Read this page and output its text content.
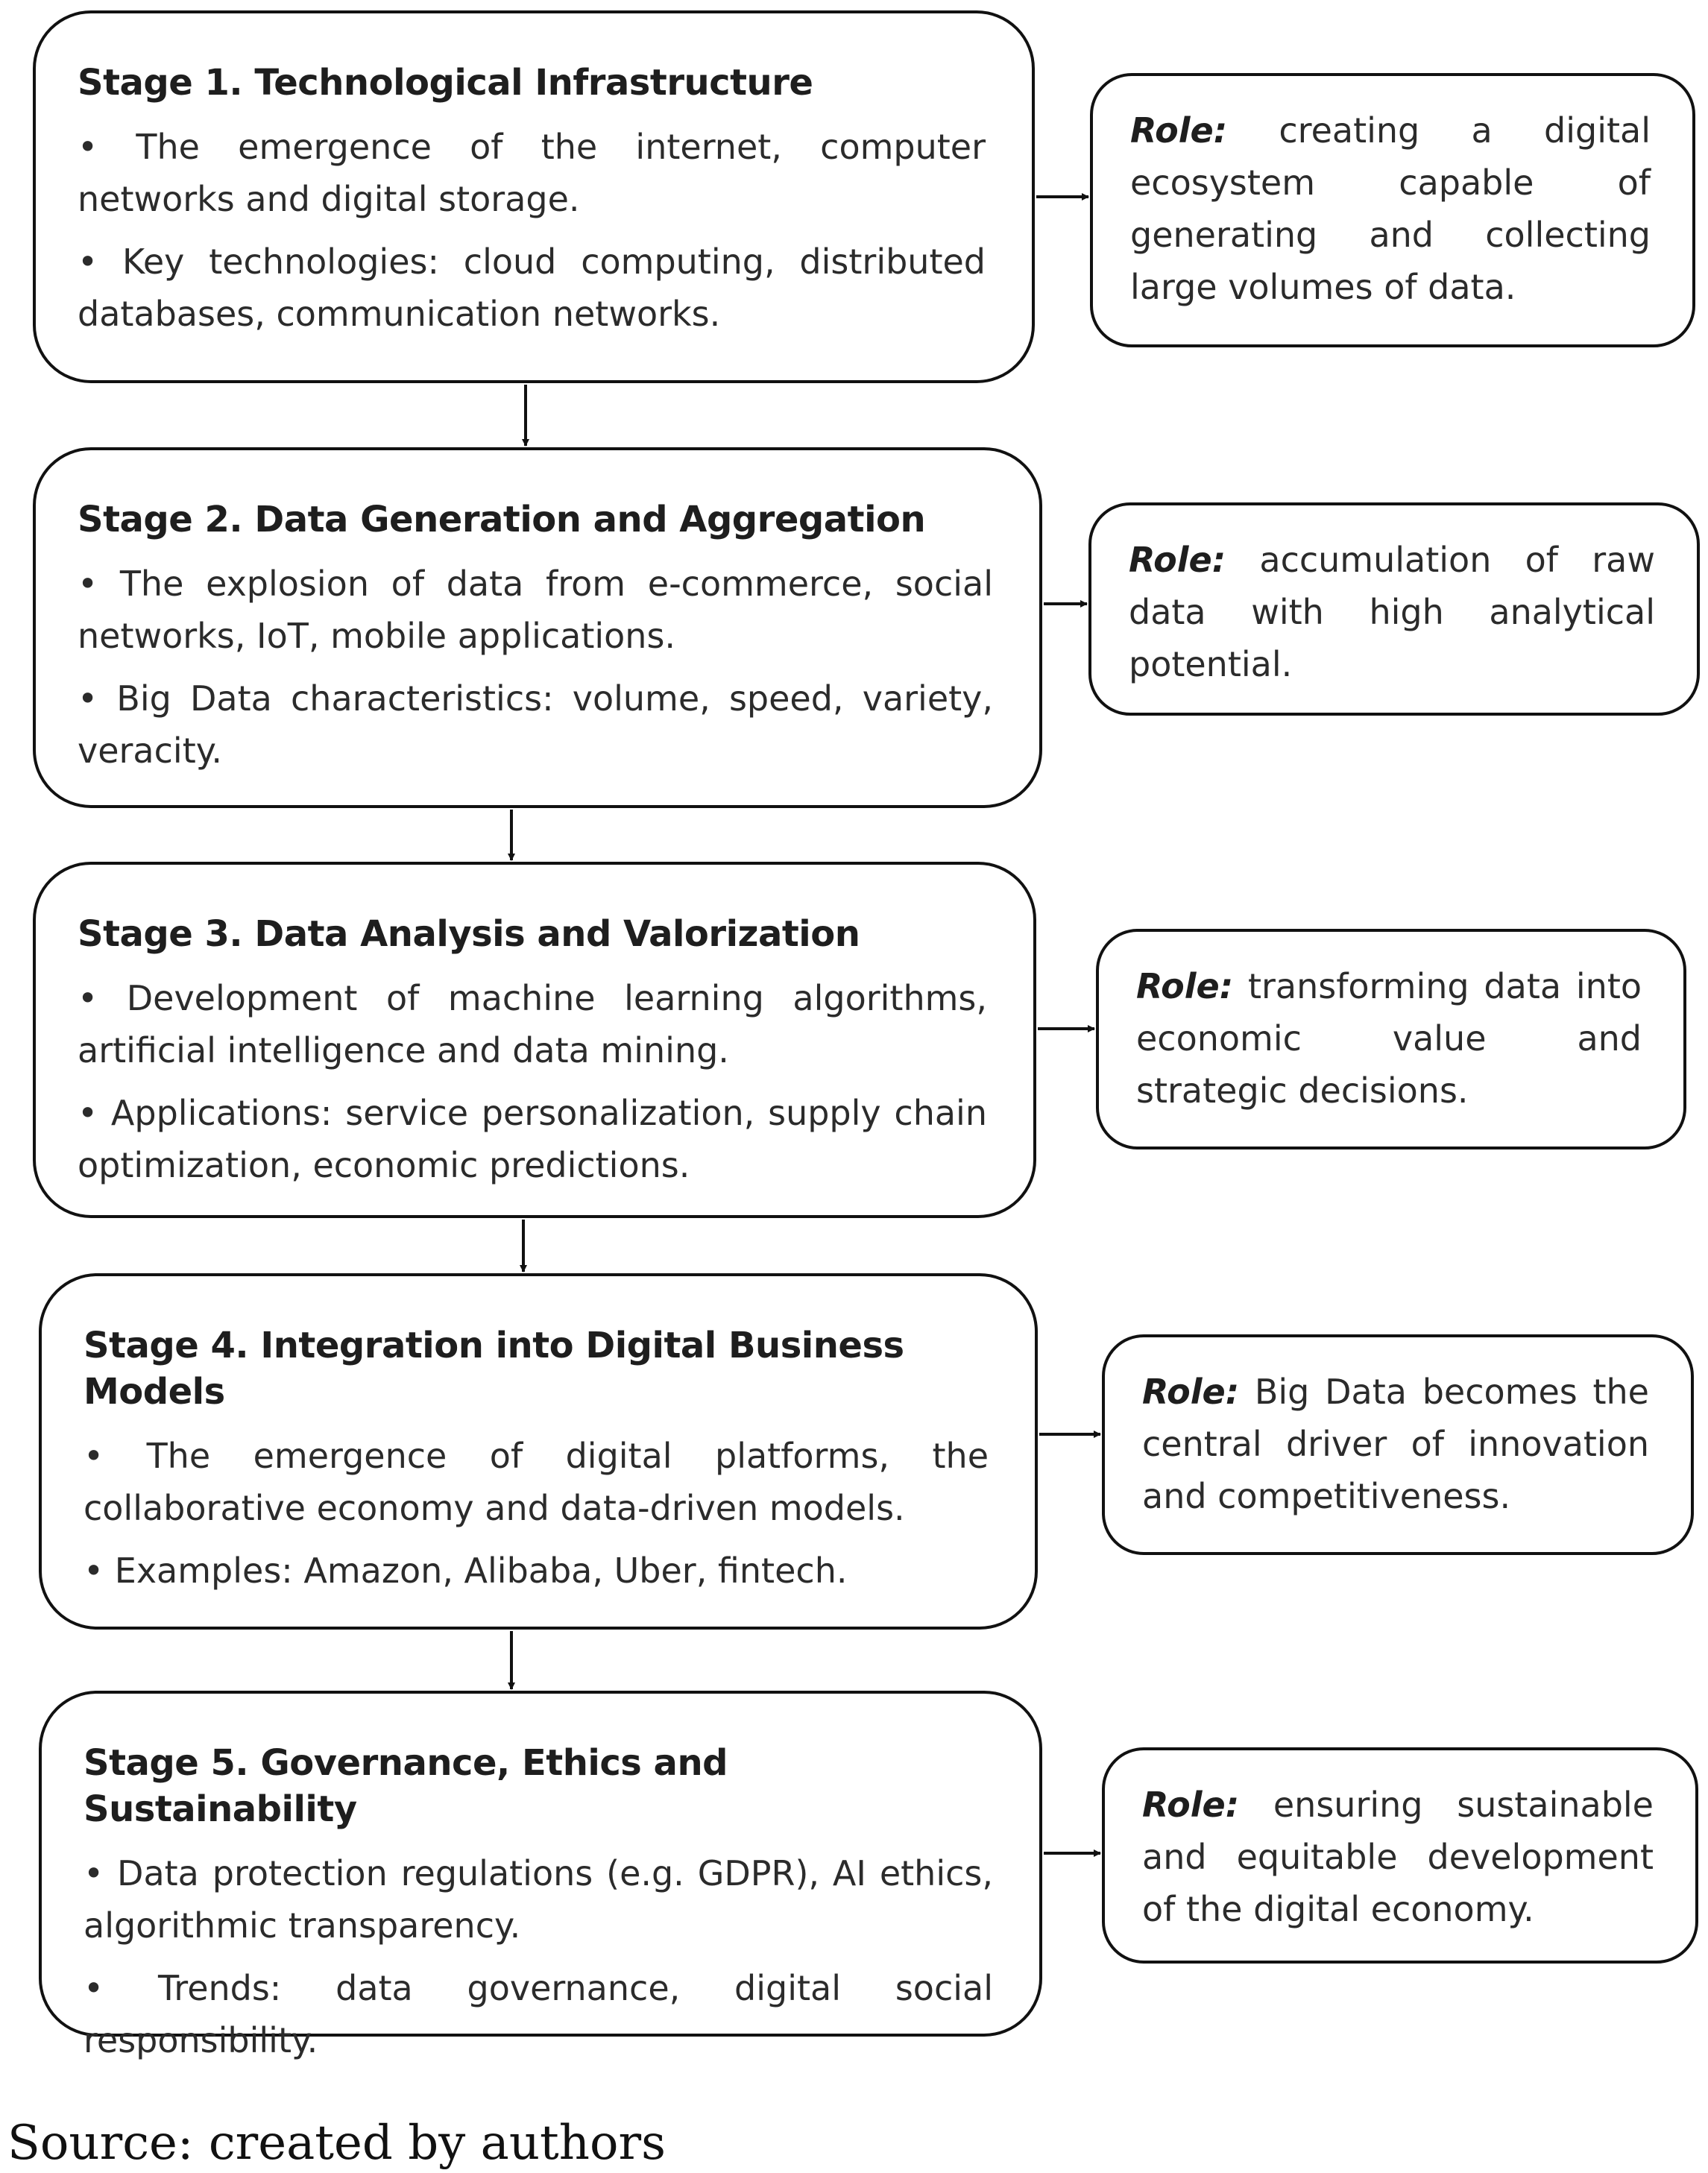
Stage 1. Technological Infrastructure
• The emergence of the internet, computer networks and digital storage.
• Key technologies: cloud computing, distributed databases, communication networks.

Role: creating a digital ecosystem capable of generating and collecting large volumes of data.

Stage 2. Data Generation and Aggregation
• The explosion of data from e-commerce, social networks, IoT, mobile applications.
• Big Data characteristics: volume, speed, variety, veracity.

Role: accumulation of raw data with high analytical potential.

Stage 3. Data Analysis and Valorization
• Development of machine learning algorithms, artificial intelligence and data mining.
• Applications: service personalization, supply chain optimization, economic predictions.

Role: transforming data into economic value and strategic decisions.

Stage 4. Integration into Digital Business Models
• The emergence of digital platforms, the collaborative economy and data-driven models.
• Examples: Amazon, Alibaba, Uber, fintech.

Role: Big Data becomes the central driver of innovation and competitiveness.

Stage 5. Governance, Ethics and Sustainability
• Data protection regulations (e.g. GDPR), AI ethics, algorithmic transparency.
• Trends: data governance, digital social responsibility.

Role: ensuring sustainable and equitable development of the digital economy.

Source: created by authors
